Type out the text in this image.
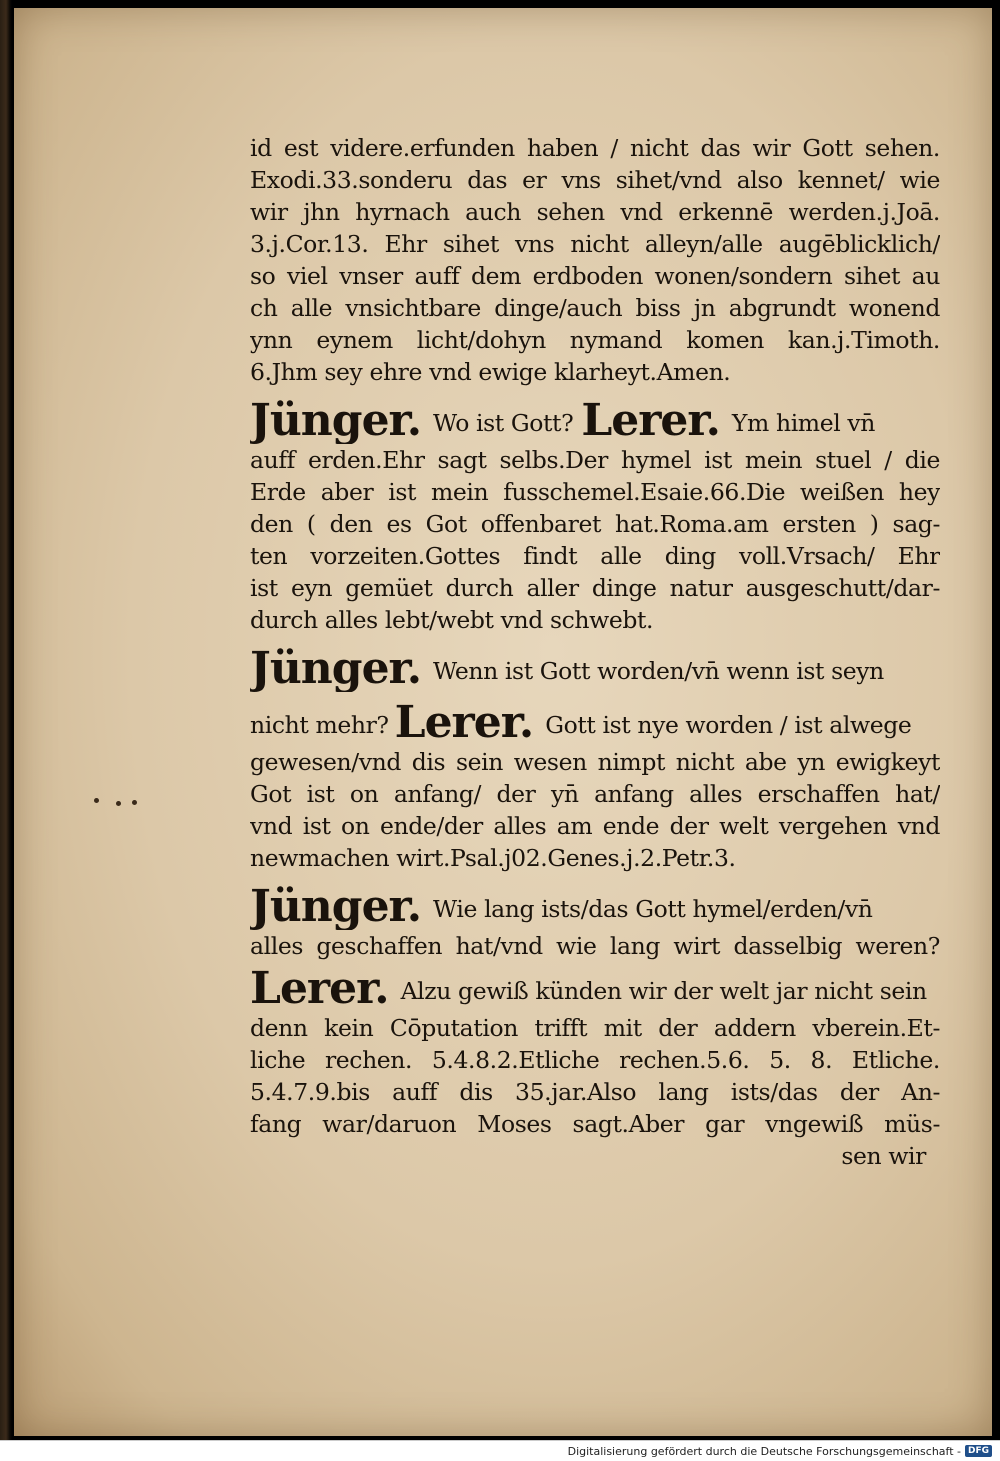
id est videre.erfunden haben / nicht das wir Gott sehen.
Exodi.33.sonderu das er vns sihet/vnd also kennet/ wie
wir jhn hyrnach auch sehen vnd erkennē werden.j.Joā.
3.j.Cor.13. Ehr sihet vns nicht alleyn/alle augēblicklich/
so viel vnser auff dem erdboden wonen/sondern sihet au
ch alle vnsichtbare dinge/auch biss jn abgrundt wonend
ynn eynem licht/dohyn nymand komen kan.j.Timoth.
6.Jhm sey ehre vnd ewige klarheyt.Amen.
Jünger. Wo ist Gott? Lerer. Ym himel vn̄
auff erden.Ehr sagt selbs.Der hymel ist mein stuel / die
Erde aber ist mein fusschemel.Esaie.66.Die weißen hey
den ( den es Got offenbaret hat.Roma.am ersten ) sag-
ten vorzeiten.Gottes findt alle ding voll.Vrsach/ Ehr
ist eyn gemüet durch aller dinge natur ausgeschutt/dar-
durch alles lebt/webt vnd schwebt.
Jünger. Wenn ist Gott worden/vn̄ wenn ist seyn
nicht mehr? Lerer. Gott ist nye worden / ist alwege
gewesen/vnd dis sein wesen nimpt nicht abe yn ewigkeyt
Got ist on anfang/ der yn̄ anfang alles erschaffen hat/
vnd ist on ende/der alles am ende der welt vergehen vnd
newmachen wirt.Psal.j02.Genes.j.2.Petr.3.
Jünger. Wie lang ists/das Gott hymel/erden/vn̄
alles geschaffen hat/vnd wie lang wirt dasselbig weren?
Lerer. Alzu gewiß künden wir der welt jar nicht sein
denn kein Cōputation trifft mit der addern vberein.Et-
liche rechen. 5.4.8.2.Etliche rechen.5.6. 5. 8. Etliche.
5.4.7.9.bis auff dis 35.jar.Also lang ists/das der An-
fang war/daruon Moses sagt.Aber gar vngewiß müs-
sen wir
Digitalisierung gefördert durch die Deutsche Forschungsgemeinschaft - DFG
